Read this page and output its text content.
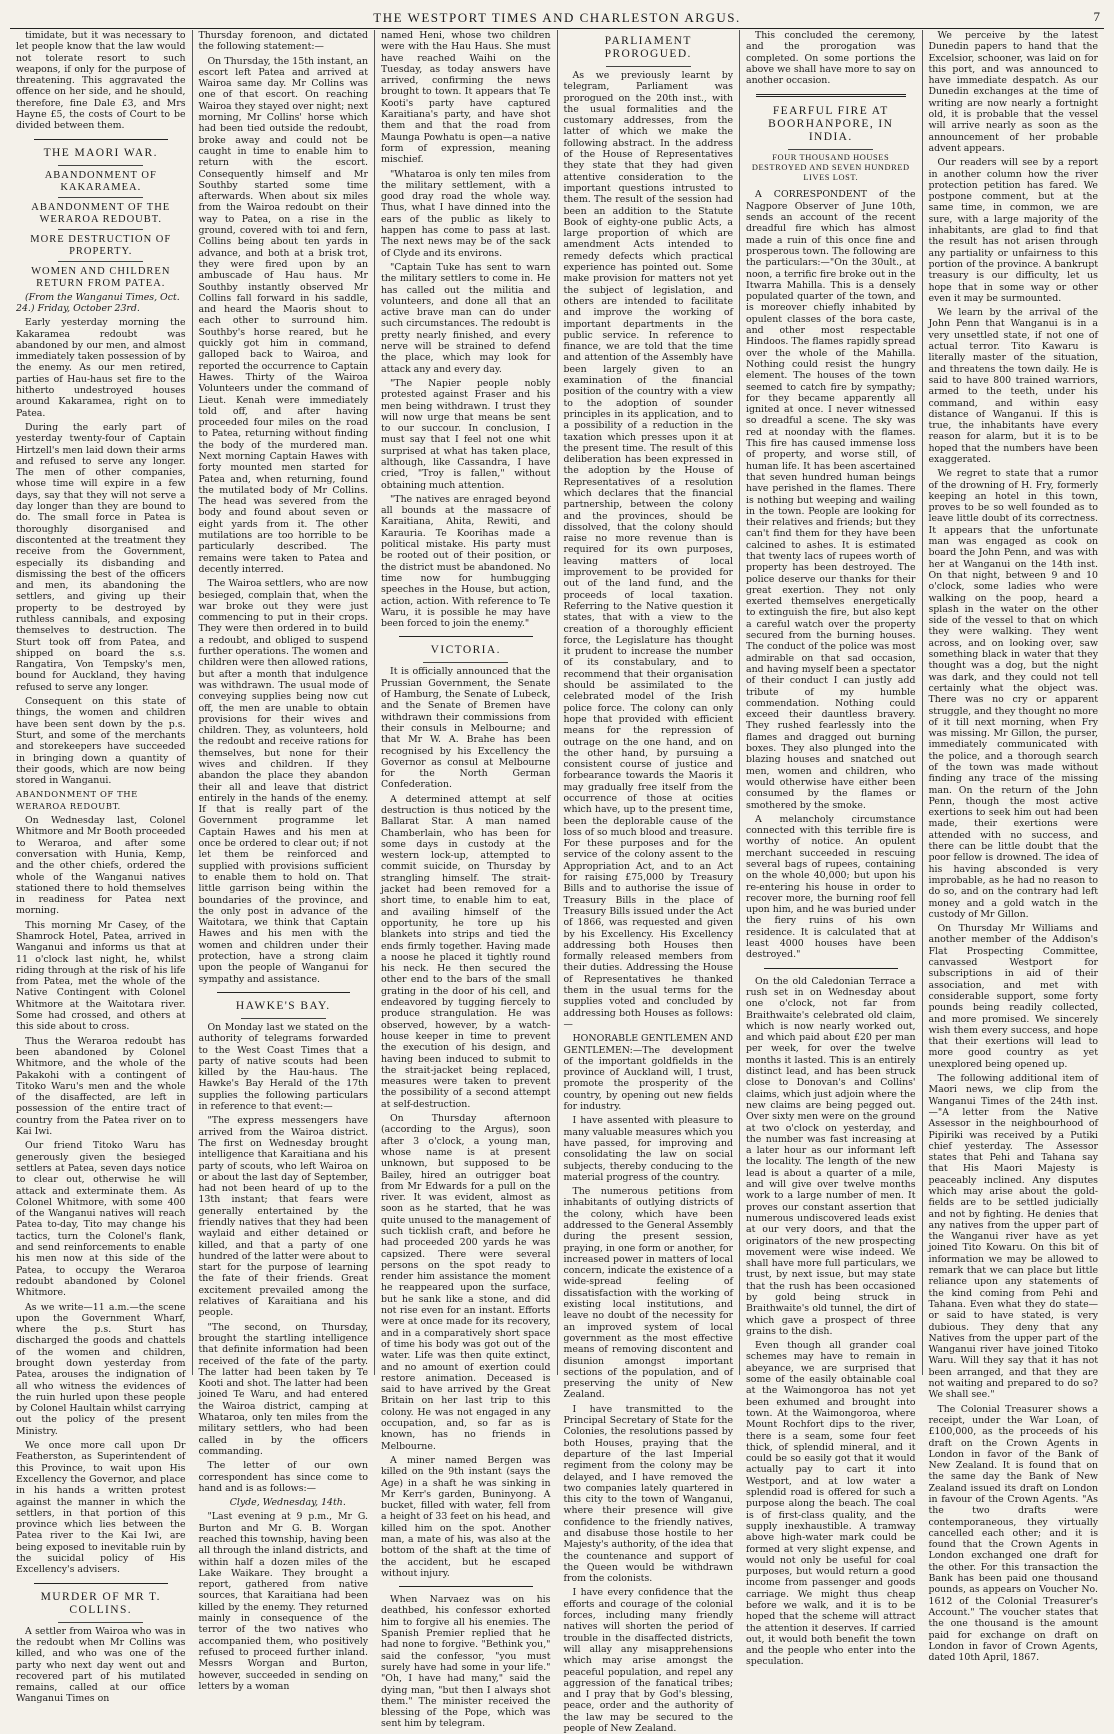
THE WESTPORT TIMES AND CHARLESTON ARGUS.	7

timidate, but it was necessary to let people know that the law would not tolerate resort to such weapons, if only for the purpose of threatening. This aggravated the offence on her side, and he should, therefore, fine Dale £3, and Mrs Hayne £5, the costs of Court to be divided between them.

THE MAORI WAR.
ABANDONMENT OF KAKARAMEA.
ABANDONMENT OF THE WERAROA REDOUBT.
MORE DESTRUCTION OF PROPERTY.
WOMEN AND CHILDREN RETURN FROM PATEA.

(From the Wanganui Times, Oct. 24.) Friday, October 23rd.

Early yesterday morning the Kakaramea redoubt was abandoned by our men, and almost immediately taken possession of by the enemy. As our men retired, parties of Hau-haus set fire to the hitherto undestroyed houses around Kakaramea, right on to Patea.

During the early part of yesterday twenty-four of Captain Hirtzell's men laid down their arms and refused to serve any longer. The men of other companies, whose time will expire in a few days, say that they will not serve a day longer than they are bound to do. The small force in Patea is thoroughly disorganised and discontented at the treatment they receive from the Government, especially its disbanding and dismissing the best of the officers and men, its abandoning the settlers, and giving up their property to be destroyed by ruthless cannibals, and exposing themselves to destruction. The Sturt took off from Patea, and shipped on board the s.s. Rangatira, Von Tempsky's men, bound for Auckland, they having refused to serve any longer.

Consequent on this state of things, the women and children have been sent down by the p.s. Sturt, and some of the merchants and storekeepers have succeeded in bringing down a quantity of their goods, which are now being stored in Wanganui.

ABANDONMENT OF THE WERAROA REDOUBT.

On Wednesday last, Colonel Whitmore and Mr Booth proceeded to Weraroa, and after some conversation with Hunia, Kemp, and the other chiefs, ordered the whole of the Wanganui natives stationed there to hold themselves in readiness for Patea next morning.

This morning Mr Casey, of the Shamrock Hotel, Patea, arrived in Wanganui and informs us that at 11 o'clock last night, he, whilst riding through at the risk of his life from Patea, met the whole of the Native Contingent with Colonel Whitmore at the Waitotara river. Some had crossed, and others at this side about to cross.

Thus the Weraroa redoubt has been abandoned by Colonel Whitmore, and the whole of the Pakakohi with a contingent of Titoko Waru's men and the whole of the disaffected, are left in possession of the entire tract of country from the Patea river on to Kai Iwi.

Our friend Titoko Waru has generously given the besieged settlers at Patea, seven days notice to clear out, otherwise he will attack and exterminate them. As Colonel Whitmore, with some 400 of the Wanganui natives will reach Patea to-day, Tito may change his tactics, turn the Colonel's flank, and send reinforcements to enable his men now at this side of the Patea, to occupy the Weraroa redoubt abandoned by Colonel Whitmore.

As we write—11 a.m.—the scene upon the Government Wharf, where the p.s. Sturt has discharged the goods and chattels of the women and children, brought down yesterday from Patea, arouses the indignation of all who witness the evidences of the ruin hurled upon these people by Colonel Haultain whilst carrying out the policy of the present Ministry.

We once more call upon Dr Featherston, as Superintendent of this Province, to wait upon His Excellency the Governor, and place in his hands a written protest against the manner in which the settlers, in that portion of this province which lies between the Patea river to the Kai Iwi, are being exposed to inevitable ruin by the suicidal policy of His Excellency's advisers.

MURDER OF MR T. COLLINS.

A settler from Wairoa who was in the redoubt when Mr Collins was killed, and who was one of the party who next day went out and recovered part of his mutilated remains, called at our office Wanganui Times on

Thursday forenoon, and dictated the following statement:—

On Thursday, the 15th instant, an escort left Patea and arrived at Wairoa same day. Mr Collins was one of that escort. On reaching Wairoa they stayed over night; next morning, Mr Collins' horse which had been tied outside the redoubt, broke away and could not be caught in time to enable him to return with the escort. Consequently himself and Mr Southby started some time afterwards. When about six miles from the Wairoa redoubt on their way to Patea, on a rise in the ground, covered with toi and fern, Collins being about ten yards in advance, and both at a brisk trot, they were fired upon by an ambuscade of Hau haus. Mr Southby instantly observed Mr Collins fall forward in his saddle, and heard the Maoris shout to each other to surround him. Southby's horse reared, but he quickly got him in command, galloped back to Wairoa, and reported the occurrence to Captain Hawes. Thirty of the Wairoa Volunteers under the command of Lieut. Kenah were immediately told off, and after having proceeded four miles on the road to Patea, returning without finding the body of the murdered man. Next morning Captain Hawes with forty mounted men started for Patea and, when returning, found the mutilated body of Mr Collins. The head was severed from the body and found about seven or eight yards from it. The other mutilations are too horrible to be particularly described. The remains were taken to Patea and decently interred.

The Wairoa settlers, who are now besieged, complain that, when the war broke out they were just commencing to put in their crops. They were then ordered in to build a redoubt, and obliged to suspend further operations. The women and children were then allowed rations, but after a month that indulgence was withdrawn. The usual mode of conveying supplies being now cut off, the men are unable to obtain provisions for their wives and children. They, as volunteers, hold the redoubt and receive rations for themselves, but none for their wives and children. If they abandon the place they abandon their all and leave that district entirely in the hands of the enemy. If that is really part of the Government programme let Captain Hawes and his men at once be ordered to clear out; if not let them be reinforced and supplied with provisions sufficient to enable them to hold on. That little garrison being within the boundaries of the province, and the only post in advance of the Waitotara, we think that Captain Hawes and his men with the women and children under their protection, have a strong claim upon the people of Wanganui for sympathy and assistance.

HAWKE'S BAY.

On Monday last we stated on the authority of telegrams forwarded to the West Coast Times that a party of native scouts had been killed by the Hau-haus. The Hawke's Bay Herald of the 17th supplies the following particulars in reference to that event:—

"The express messengers have arrived from the Wairoa district. The first on Wednesday brought intelligence that Karaitiana and his party of scouts, who left Wairoa on or about the last day of September, had not been heard of up to the 13th instant; that fears were generally entertained by the friendly natives that they had been waylaid and either detained or killed, and that a party of one hundred of the latter were about to start for the purpose of learning the fate of their friends. Great excitement prevailed among the relatives of Karaitiana and his people.

"The second, on Thursday, brought the startling intelligence that definite information had been received of the fate of the party. The latter had been taken by Te Kooti and shot. The latter had been joined Te Waru, and had entered the Wairoa district, camping at Whataroa, only ten miles from the military settlers, who had been called in by the officers commanding.

The letter of our own correspondent has since come to hand and is as follows:—

Clyde, Wednesday, 14th.

"Last evening at 9 p.m., Mr G. Burton and Mr G. B. Worgan reached this township, having been all through the inland districts, and within half a dozen miles of the Lake Waikare. They brought a report, gathered from native sources, that Karaitiana had been killed by the enemy. They returned mainly in consequence of the terror of the two natives who accompanied them, who positively refused to proceed further inland. Messrs Worgan and Burton, however, succeeded in sending on letters by a woman

named Heni, whose two children were with the Hau Haus. She must have reached Waihi on the Tuesday, as today answers have arrived, confirming the news brought to town. It appears that Te Kooti's party have captured Karaitiana's party, and have shot them and that the road from Maunga Powhatu is open—a native form of expression, meaning mischief.

"Whataroa is only ten miles from the military settlement, with a good dray road the whole way. Thus, what I have dinned into the ears of the public as likely to happen has come to pass at last. The next news may be of the sack of Clyde and its environs.

"Captain Tuke has sent to warn the military settlers to come in. He has called out the militia and volunteers, and done all that an active brave man can do under such circumstances. The redoubt is pretty nearly finished, and every nerve will be strained to defend the place, which may look for attack any and every day.

"The Napier people nobly protested against Fraser and his men being withdrawn. I trust they will now urge that means be sent to our succour. In conclusion, I must say that I feel not one whit surprised at what has taken place, although, like Cassandra, I have cried, "Troy is fallen," without obtaining much attention.

"The natives are enraged beyond all bounds at the massacre of Karaitiana, Ahita, Rewiti, and Karauria. Te Koorihas made a political mistake. His party must be rooted out of their position, or the district must be abandoned. No time now for humbugging speeches in the House, but action, action, action. With reference to Te Waru, it is possible he may have been forced to join the enemy."

VICTORIA.

It is officially announced that the Prussian Government, the Senate of Hamburg, the Senate of Lubeck, and the Senate of Bremen have withdrawn their commissions from their consuls in Melbourne; and that Mr W. A. Brahe has been recognised by his Excellency the Governor as consul at Melbourne for the North German Confederation.

A determined attempt at self destruction is thus noticed by the Ballarat Star. A man named Chamberlain, who has been for some days in custody at the western lock-up, attempted to commit suicide, on Thursday by strangling himself. The strait-jacket had been removed for a short time, to enable him to eat, and availing himself of the opportunity, he tore up his blankets into strips and tied the ends firmly together. Having made a noose he placed it tightly round his neck. He then secured the other end to the bars of the small grating in the door of his cell, and endeavored by tugging fiercely to produce strangulation. He was observed, however, by a watch-house keeper in time to prevent the execution of his design, and having been induced to submit to the strait-jacket being replaced, measures were taken to prevent the possibility of a second attempt at self-destruction.

On Thursday afternoon (according to the Argus), soon after 3 o'clock, a young man, whose name is at present unknown, but supposed to be Bailey, hired an outrigger boat from Mr Edwards for a pull on the river. It was evident, almost as soon as he started, that he was quite unused to the management of such ticklish craft, and before he had proceeded 200 yards he was capsized. There were several persons on the spot ready to render him assistance the moment he reappeared upon the surface, but he sank like a stone, and did not rise even for an instant. Efforts were at once made for its recovery, and in a comparatively short space of time his body was got out of the water. Life was then quite extinct, and no amount of exertion could restore animation. Deceased is said to have arrived by the Great Britain on her last trip to this colony. He was not engaged in any occupation, and, so far as is known, has no friends in Melbourne.

A miner named Bergen was killed on the 9th instant (says the Age) in a shaft he was sinking in Mr Kerr's garden, Buninyong. A bucket, filled with water, fell from a height of 33 feet on his head, and killed him on the spot. Another man, a mate of his, was also at the bottom of the shaft at the time of the accident, but he escaped without injury.

When Narvaez was on his deathbed, his confessor exhorted him to forgive all his enemies. The Spanish Premier replied that he had none to forgive. "Bethink you," said the confessor, "you must surely have had some in your life." "Oh, I have had many," said the dying man, "but then I always shot them." The minister received the blessing of the Pope, which was sent him by telegram.

PARLIAMENT PROROGUED.

As we previously learnt by telegram, Parliament was prorogued on the 20th inst., with the usual formalities and the customary addresses, from the latter of which we make the following abstract. In the address of the House of Representatives they state that they had given attentive consideration to the important questions intrusted to them. The result of the session had been an addition to the Statute Book of eighty-one public Acts, a large proportion of which are amendment Acts intended to remedy defects which practical experience has pointed out. Some make provision for matters not yet the subject of legislation, and others are intended to facilitate and improve the working of important departments in the public service. In reference to finance, we are told that the time and attention of the Assembly have been largely given to an examination of the financial position of the country with a view to the adoption of sounder principles in its application, and to a possibility of a reduction in the taxation which presses upon it at the present time. The result of this deliberation has been expressed in the adoption by the House of Representatives of a resolution which declares that the financial partnership, between the colony and the provinces, should be dissolved, that the colony should raise no more revenue than is required for its own purposes, leaving matters of local improvement to be provided for out of the land fund, and the proceeds of local taxation. Referring to the Native question it states, that with a view to the creation of a thoroughly efficient force, the Legislature has thought it prudent to increase the number of its constabulary, and to recommend that their organisation should be assimilated to the celebrated model of the Irish police force. The colony can only hope that provided with efficient means for the repression of outrage on the one hand, and on the other hand, by pursuing a consistent course of justice and forbearance towards the Maoris it may gradually free itself from the occurrence of those at ocities which have, up to the present time, been the deplorable cause of the loss of so much blood and treasure. For these purposes and for the service of the colony assent to the Appropriation Act, and to an Act for raising £75,000 by Treasury Bills and to authorise the issue of Treasury Bills in the place of Treasury Bills issued under the Act of 1866, was requested and given by his Excellency. His Excellency addressing both Houses then formally released members from their duties. Addressing the House of Representatives he thanked them in the usual terms for the supplies voted and concluded by addressing both Houses as follows:—

HONORABLE GENTLEMEN AND GENTLEMEN:—The development of the important goldfields in the province of Auckland will, I trust, promote the prosperity of the country, by opening out new fields for industry.

I have assented with pleasure to many valuable measures which you have passed, for improving and consolidating the law on social subjects, thereby conducing to the material progress of the country.

The numerous petitions from inhabitants of outlying districts of the colony, which have been addressed to the General Assembly during the present session, praying, in one form or another, for increased power in matters of local concern, indicate the existence of a wide-spread feeling of dissatisfaction with the working of existing local institutions, and leave no doubt of the necessity for an improved system of local government as the most effective means of removing discontent and disunion amongst important sections of the population, and of preserving the unity of New Zealand.

I have transmitted to the Principal Secretary of State for the Colonies, the resolutions passed by both Houses, praying that the departure of the last Imperial regiment from the colony may be delayed, and I have removed the two companies lately quartered in this city to the town of Wanganui, where their presence will give confidence to the friendly natives, and disabuse those hostile to her Majesty's authority, of the idea that the countenance and support of the Queen would be withdrawn from the colonists.

I have every confidence that the efforts and courage of the colonial forces, including many friendly natives will shorten the period of trouble in the disaffected districts, will allay any misapprehensions which may arise amongst the peaceful population, and repel any aggression of the fanatical tribes; and I pray that by God's blessing, peace, order and the authority of the law may be secured to the people of New Zealand.

This concluded the ceremony, and the prorogation was completed. On some portions the above we shall have more to say on another occasion.

FEARFUL FIRE AT BOORHANPORE, IN INDIA.
FOUR THOUSAND HOUSES DESTROYED AND SEVEN HUNDRED LIVES LOST.

A CORRESPONDENT of the Nagpore Observer of June 10th, sends an account of the recent dreadful fire which has almost made a ruin of this once fine and prosperous town. The following are the particulars:—"On the 30ult., at noon, a terrific fire broke out in the Itwarra Mahilla. This is a densely populated quarter of the town, and is moreover chiefly inhabited by opulent classes of the bora caste, and other most respectable Hindoos. The flames rapidly spread over the whole of the Mahilla. Nothing could resist the hungry element. The houses of the town seemed to catch fire by sympathy; for they became apparently all ignited at once. I never witnessed so dreadful a scene. The sky was red at noonday with the flames. This fire has caused immense loss of property, and worse still, of human life. It has been ascertained that seven hundred human beings have perished in the flames. There is nothing but weeping and wailing in the town. People are looking for their relatives and friends; but they can't find them for they have been calcined to ashes. It is estimated that twenty lacs of rupees worth of property has been destroyed. The police deserve our thanks for their great exertion. They not only exerted themselves energetically to extinguish the fire, but also kept a careful watch over the property secured from the burning houses. The conduct of the police was most admirable on that sad occasion, and having myself been a spectator of their conduct I can justly add tribute of my humble commendation. Nothing could exceed their dauntless bravery. They rushed fearlessly into the flames and dragged out burning boxes. They also plunged into the blazing houses and snatched out men, women and children, who would otherwise have either been consumed by the flames or smothered by the smoke.

A melancholy circumstance connected with this terrible fire is worthy of notice. An opulent merchant succeeded in rescuing several bags of rupees, containing on the whole 40,000; but upon his re-entering his house in order to recover more, the burning roof fell upon him, and he was buried under the fiery ruins of his own residence. It is calculated that at least 4000 houses have been destroyed."

On the old Caledonian Terrace a rush set in on Wednesday about one o'clock, not far from Braithwaite's celebrated old claim, which is now nearly worked out, and which paid about £20 per man per week, for over the twelve months it lasted. This is an entirely distinct lead, and has been struck close to Donovan's and Collins' claims, which just adjoin where the new claims are being pegged out. Over sixty men were on the ground at two o'clock on yesterday, and the number was fast increasing at a later hour as our informant left the locality. The length of the new lead is about a quarter of a mile, and will give over twelve months work to a large number of men. It proves our constant assertion that numerous undiscovered leads exist at our very doors, and that the originators of the new prospecting movement were wise indeed. We shall have more full particulars, we trust, by next issue, but may state that the rush has been occasioned by gold being struck in Braithwaite's old tunnel, the dirt of which gave a prospect of three grains to the dish.

Even though all grander coal schemes may have to remain in abeyance, we are surprised that some of the easily obtainable coal at the Waimongoroa has not yet been exhumed and brought into town. At the Waimongoroa, where Mount Rochfort dips to the river, there is a seam, some four feet thick, of splendid mineral, and it could be so easily got that it would actually pay to cart it into Westport, and at low water a splendid road is offered for such a purpose along the beach. The coal is of first-class quality, and the supply inexhaustible. A tramway above high-water mark could be formed at very slight expense, and would not only be useful for coal purposes, but would return a good income from passenger and goods carriage. We might thus cheap before we walk, and it is to be hoped that the scheme will attract the attention it deserves. If carried out, it would both benefit the town and the people who enter into the speculation.

We perceive by the latest Dunedin papers to hand that the Excelsior, schooner, was laid on for this port, and was announced to have immediate despatch. As our Dunedin exchanges at the time of writing are now nearly a fortnight old, it is probable that the vessel will arrive nearly as soon as the announcement of her probable advent appears.

Our readers will see by a report in another column how the river protection petition has fared. We postpone comment, but at the same time, in common, we are sure, with a large majority of the inhabitants, are glad to find that the result has not arisen through any partiality or unfairness to this portion of the province. A bankrupt treasury is our difficulty, let us hope that in some way or other even it may be surmounted.

We learn by the arrival of the John Penn that Wanganui is in a very unsettled state, if not one of actual terror. Tito Kawaru is literally master of the situation, and threatens the town daily. He is said to have 800 trained warriors, armed to the teeth, under his command, and within easy distance of Wanganui. If this is true, the inhabitants have every reason for alarm, but it is to be hoped that the numbers have been exaggerated.

We regret to state that a rumor of the drowning of H. Fry, formerly keeping an hotel in this town, proves to be so well founded as to leave little doubt of its correctness. It appears that the unfortunate man was engaged as cook on board the John Penn, and was with her at Wanganui on the 14th inst. On that night, between 9 and 10 o'clock, some ladies who were walking on the poop, heard a splash in the water on the other side of the vessel to that on which they were walking. They went across, and on looking over, saw something black in water that they thought was a dog, but the night was dark, and they could not tell certainly what the object was. There was no cry or apparent struggle, and they thought no more of it till next morning, when Fry was missing. Mr Gillon, the purser, immediately communicated with the police, and a thorough search of the town was made without finding any trace of the missing man. On the return of the John Penn, though the most active exertions to seek him out had been made, their exertions were attended with no success, and there can be little doubt that the poor fellow is drowned. The idea of his having absconded is very improbable, as he had no reason to do so, and on the contrary had left money and a gold watch in the custody of Mr Gillon.

On Thursday Mr Williams and another member of the Addison's Flat Prospecting Committee, canvassed Westport for subscriptions in aid of their association, and met with considerable support, some forty pounds being readily collected, and more promised. We sincerely wish them every success, and hope that their exertions will lead to more good country as yet unexplored being opened up.

The following additional item of Maori news, we clip from the Wanganui Times of the 24th inst.—"A letter from the Native Assessor in the neighbourhood of Pipiriki was received by a Putiki chief yesterday. The Assessor states that Pehi and Tahana say that His Maori Majesty is peaceably inclined. Any disputes which may arise about the gold-fields are to be settled judicially and not by fighting. He denies that any natives from the upper part of the Wanganui river have as yet joined Tito Kowaru. On this bit of information we may be allowed to remark that we can place but little reliance upon any statements of the kind coming from Pehi and Tahana. Even what they do state—or said to have stated, is very dubious. They deny that any Natives from the upper part of the Wanganui river have joined Titoko Waru. Will they say that it has not been arranged, and that they are not waiting and prepared to do so? We shall see."

The Colonial Treasurer shows a receipt, under the War Loan, of £100,000, as the proceeds of his draft on the Crown Agents in London in favor of the Bank of New Zealand. It is found that on the same day the Bank of New Zealand issued its draft on London in favour of the Crown Agents. "As the two drafts were contemporaneous, they virtually cancelled each other; and it is found that the Crown Agents in London exchanged one draft for the other. For this transaction the Bank has been paid one thousand pounds, as appears on Voucher No. 1612 of the Colonial Treasurer's Account." The voucher states that the one thousand is the amount paid for exchange on draft on London in favor of Crown Agents, dated 10th April, 1867.
